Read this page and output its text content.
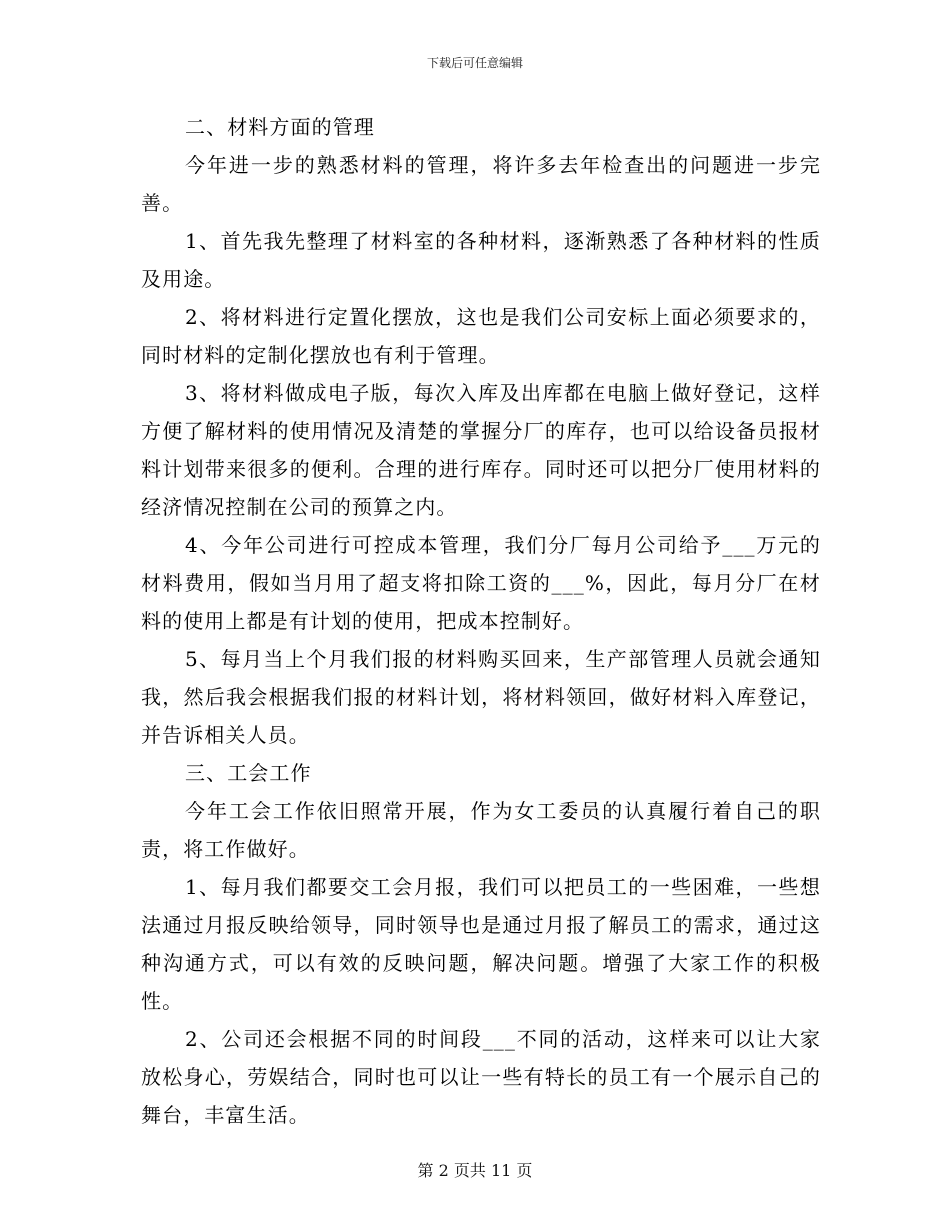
下载后可任意编辑

二、材料方面的管理

今年进一步的熟悉材料的管理，将许多去年检查出的问题进一步完善。

1、首先我先整理了材料室的各种材料，逐渐熟悉了各种材料的性质及用途。

2、将材料进行定置化摆放，这也是我们公司安标上面必须要求的，同时材料的定制化摆放也有利于管理。

3、将材料做成电子版，每次入库及出库都在电脑上做好登记，这样方便了解材料的使用情况及清楚的掌握分厂的库存，也可以给设备员报材料计划带来很多的便利。合理的进行库存。同时还可以把分厂使用材料的经济情况控制在公司的预算之内。

4、今年公司进行可控成本管理，我们分厂每月公司给予___万元的材料费用，假如当月用了超支将扣除工资的___%，因此，每月分厂在材料的使用上都是有计划的使用，把成本控制好。

5、每月当上个月我们报的材料购买回来，生产部管理人员就会通知我，然后我会根据我们报的材料计划，将材料领回，做好材料入库登记，并告诉相关人员。

三、工会工作

今年工会工作依旧照常开展，作为女工委员的认真履行着自己的职责，将工作做好。

1、每月我们都要交工会月报，我们可以把员工的一些困难，一些想法通过月报反映给领导，同时领导也是通过月报了解员工的需求，通过这种沟通方式，可以有效的反映问题，解决问题。增强了大家工作的积极性。

2、公司还会根据不同的时间段___不同的活动，这样来可以让大家放松身心，劳娱结合，同时也可以让一些有特长的员工有一个展示自己的舞台，丰富生活。

第 2 页共 11 页
